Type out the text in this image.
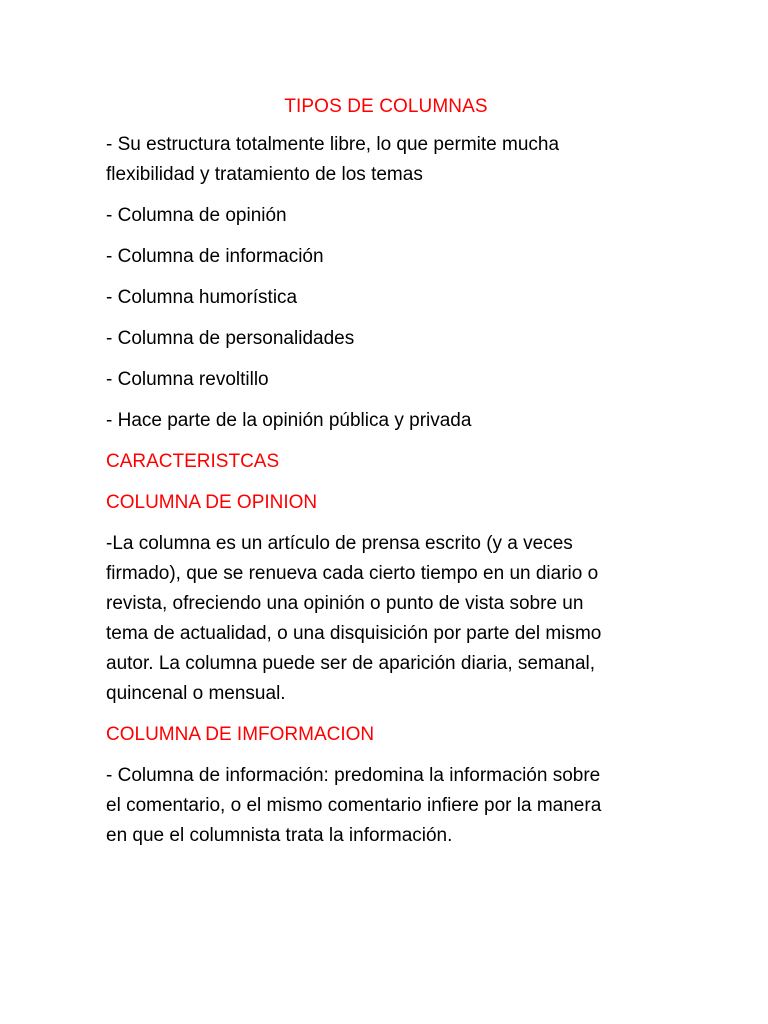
TIPOS DE COLUMNAS
- Su estructura totalmente libre, lo que permite mucha
flexibilidad y tratamiento de los temas
- Columna de opinión
- Columna de información
- Columna humorística
- Columna de personalidades
- Columna revoltillo
- Hace parte de la opinión pública y privada
CARACTERISTCAS
COLUMNA DE OPINION
-La columna es un artículo de prensa escrito (y a veces
firmado), que se renueva cada cierto tiempo en un diario o
revista, ofreciendo una opinión o punto de vista sobre un
tema de actualidad, o una disquisición por parte del mismo
autor. La columna puede ser de aparición diaria, semanal,
quincenal o mensual.
COLUMNA DE IMFORMACION
- Columna de información: predomina la información sobre
el comentario, o el mismo comentario infiere por la manera
en que el columnista trata la información.
